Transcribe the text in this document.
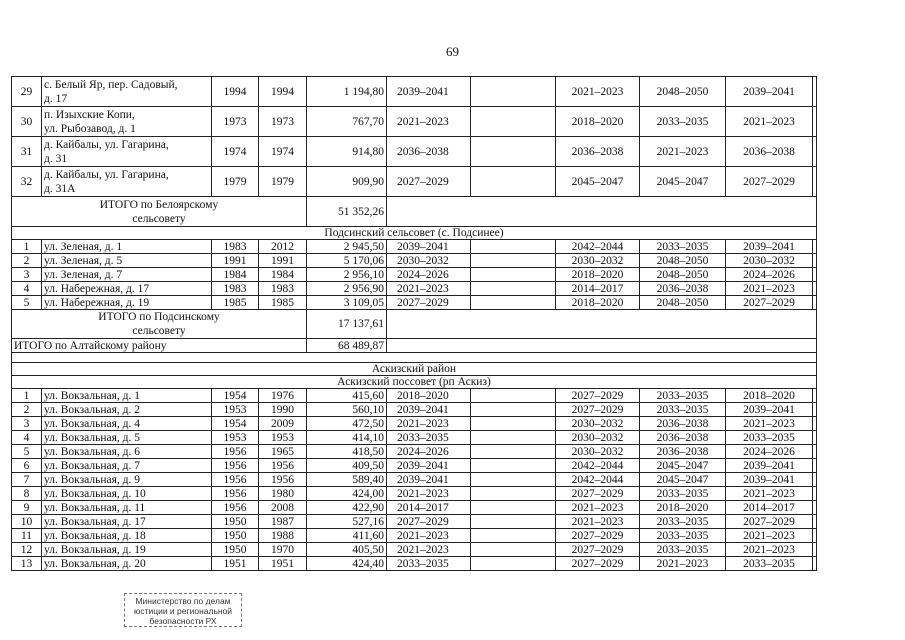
69
29	с. Белый Яр, пер. Садовый,
д. 17	1994	1994	1 194,80	2039–2041		2021–2023	2048–2050	2039–2041	
30	п. Изыхские Копи,
ул. Рыбозавод, д. 1	1973	1973	767,70	2021–2023		2018–2020	2033–2035	2021–2023	
31	д. Кайбалы, ул. Гагарина,
д. 31	1974	1974	914,80	2036–2038		2036–2038	2021–2023	2036–2038	
32	д. Кайбалы, ул. Гагарина,
д. 31А	1979	1979	909,90	2027–2029		2045–2047	2045–2047	2027–2029	

ИТОГО по Белоярскому
сельсовету				51 352,26						
Подсинский сельсовет (с. Подсинее)										
1	ул. Зеленая, д. 1	1983	2012	2 945,50	2039–2041		2042–2044	2033–2035	2039–2041	
2	ул. Зеленая, д. 5	1991	1991	5 170,06	2030–2032		2030–2032	2048–2050	2030–2032	
3	ул. Зеленая, д. 7	1984	1984	2 956,10	2024–2026		2018–2020	2048–2050	2024–2026	
4	ул. Набережная, д. 17	1983	1983	2 956,90	2021–2023		2014–2017	2036–2038	2021–2023	
5	ул. Набережная, д. 19	1985	1985	3 109,05	2027–2029		2018–2020	2048–2050	2027–2029	

ИТОГО по Подсинскому
сельсовету				17 137,61						
ИТОГО по Алтайскому району				68 489,87						

Аскизский район										
Аскизский поссовет (рп Аскиз)										
1	ул. Вокзальная, д. 1	1954	1976	415,60	2018–2020		2027–2029	2033–2035	2018–2020	
2	ул. Вокзальная, д. 2	1953	1990	560,10	2039–2041		2027–2029	2033–2035	2039–2041	
3	ул. Вокзальная, д. 4	1954	2009	472,50	2021–2023		2030–2032	2036–2038	2021–2023	
4	ул. Вокзальная, д. 5	1953	1953	414,10	2033–2035		2030–2032	2036–2038	2033–2035	
5	ул. Вокзальная, д. 6	1956	1965	418,50	2024–2026		2030–2032	2036–2038	2024–2026	
6	ул. Вокзальная, д. 7	1956	1956	409,50	2039–2041		2042–2044	2045–2047	2039–2041	
7	ул. Вокзальная, д. 9	1956	1956	589,40	2039–2041		2042–2044	2045–2047	2039–2041	
8	ул. Вокзальная, д. 10	1956	1980	424,00	2021–2023		2027–2029	2033–2035	2021–2023	
9	ул. Вокзальная, д. 11	1956	2008	422,90	2014–2017		2021–2023	2018–2020	2014–2017	
10	ул. Вокзальная, д. 17	1950	1987	527,16	2027–2029		2021–2023	2033–2035	2027–2029	
11	ул. Вокзальная, д. 18	1950	1988	411,60	2021–2023		2027–2029	2033–2035	2021–2023	
12	ул. Вокзальная, д. 19	1950	1970	405,50	2021–2023		2027–2029	2033–2035	2021–2023	
13	ул. Вокзальная, д. 20	1951	1951	424,40	2033–2035		2027–2029	2021–2023	2033–2035	
Министерство по делам
юстиции и региональной
безопасности РХ
